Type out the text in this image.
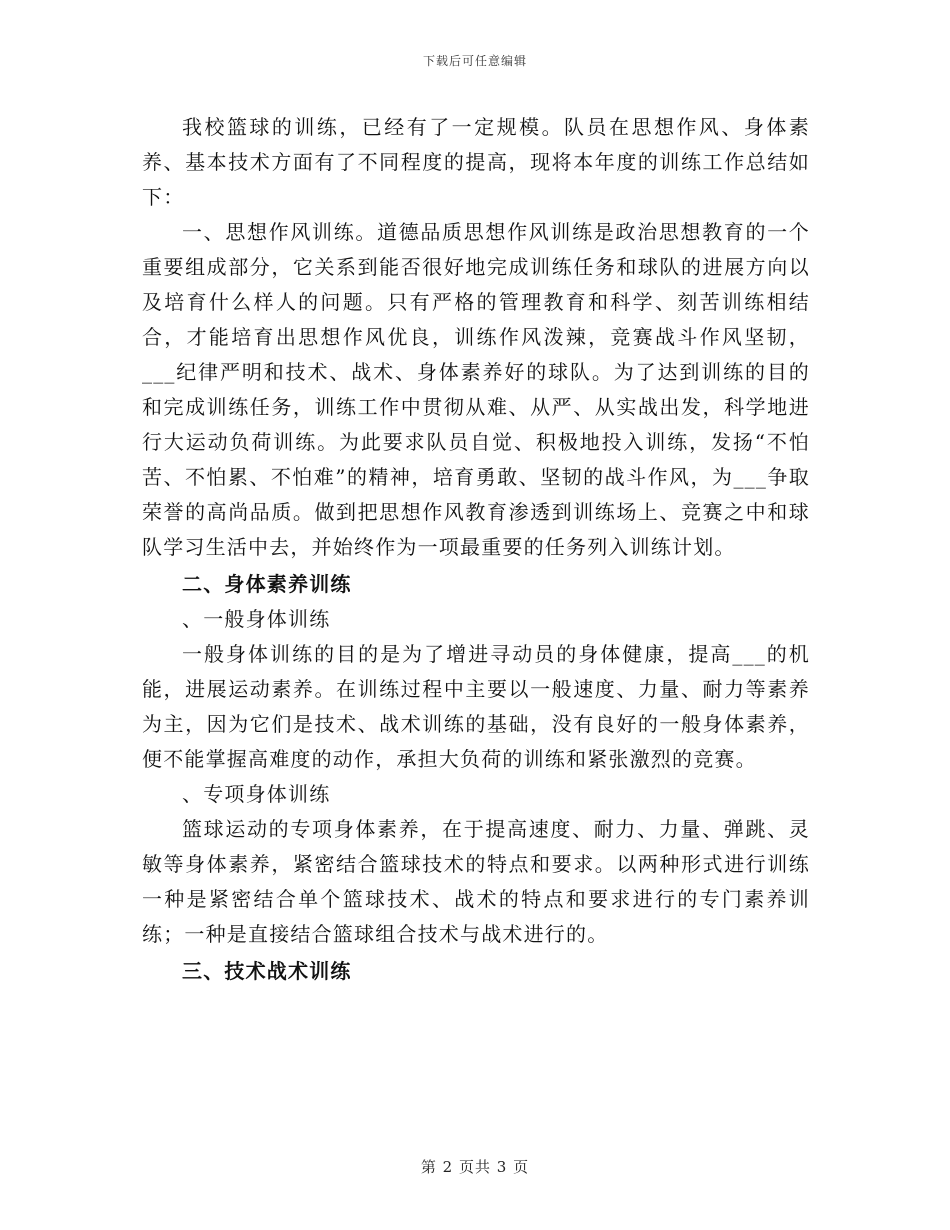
下载后可任意编辑

我校篮球的训练，已经有了一定规模。队员在思想作风、身体素养、基本技术方面有了不同程度的提高，现将本年度的训练工作总结如下：

一、思想作风训练。道德品质思想作风训练是政治思想教育的一个重要组成部分，它关系到能否很好地完成训练任务和球队的进展方向以及培育什么样人的问题。只有严格的管理教育和科学、刻苦训练相结合，才能培育出思想作风优良，训练作风泼辣，竞赛战斗作风坚韧，___纪律严明和技术、战术、身体素养好的球队。为了达到训练的目的和完成训练任务，训练工作中贯彻从难、从严、从实战出发，科学地进行大运动负荷训练。为此要求队员自觉、积极地投入训练，发扬“不怕苦、不怕累、不怕难”的精神，培育勇敢、坚韧的战斗作风，为___争取荣誉的高尚品质。做到把思想作风教育渗透到训练场上、竞赛之中和球队学习生活中去，并始终作为一项最重要的任务列入训练计划。

二、身体素养训练

、一般身体训练

一般身体训练的目的是为了增进寻动员的身体健康，提高___的机能，进展运动素养。在训练过程中主要以一般速度、力量、耐力等素养为主，因为它们是技术、战术训练的基础，没有良好的一般身体素养，便不能掌握高难度的动作，承担大负荷的训练和紧张激烈的竞赛。

、专项身体训练

篮球运动的专项身体素养，在于提高速度、耐力、力量、弹跳、灵敏等身体素养，紧密结合篮球技术的特点和要求。以两种形式进行训练一种是紧密结合单个篮球技术、战术的特点和要求进行的专门素养训练；一种是直接结合篮球组合技术与战术进行的。

三、技术战术训练

第 2 页共 3 页
